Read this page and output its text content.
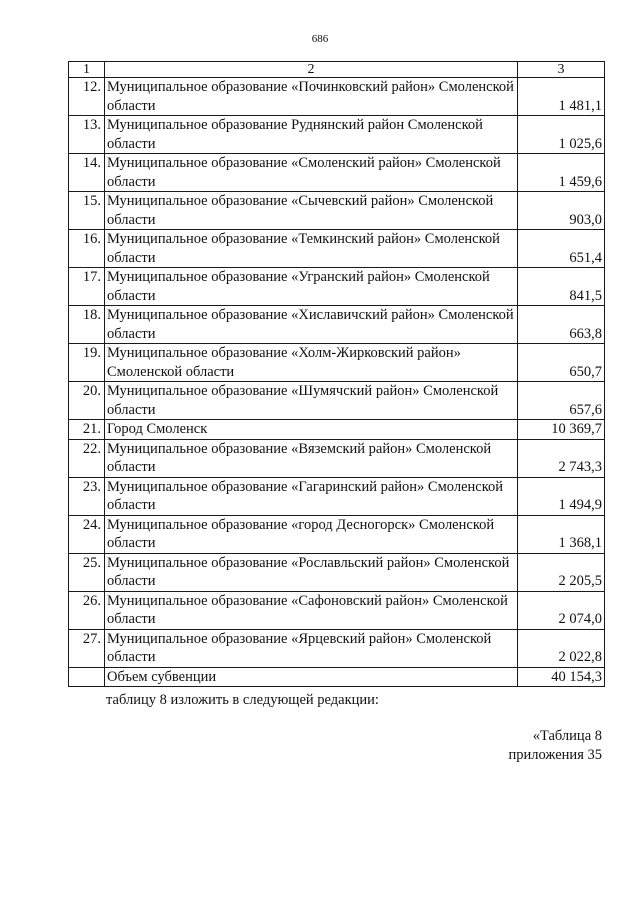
686
1	2	3
12.	Муниципальное образование «Починковский район» Смоленской области	1 481,1
13.	Муниципальное образование Руднянский район Смоленской области	1 025,6
14.	Муниципальное образование «Смоленский район» Смоленской области	1 459,6
15.	Муниципальное образование «Сычевский район» Смоленской области	903,0
16.	Муниципальное образование «Темкинский район» Смоленской области	651,4
17.	Муниципальное образование «Угранский район» Смоленской области	841,5
18.	Муниципальное образование «Хиславичский район» Смоленской области	663,8
19.	Муниципальное образование «Холм-Жирковский район» Смоленской области	650,7
20.	Муниципальное образование «Шумячский район» Смоленской области	657,6
21.	Город Смоленск	10 369,7
22.	Муниципальное образование «Вяземский район» Смоленской области	2 743,3
23.	Муниципальное образование «Гагаринский район» Смоленской области	1 494,9
24.	Муниципальное образование «город Десногорск» Смоленской области	1 368,1
25.	Муниципальное образование «Рославльский район» Смоленской области	2 205,5
26.	Муниципальное образование «Сафоновский район» Смоленской области	2 074,0
27.	Муниципальное образование «Ярцевский район» Смоленской области	2 022,8
	Объем субвенции	40 154,3
таблицу 8 изложить в следующей редакции:
«Таблица 8
приложения 35
